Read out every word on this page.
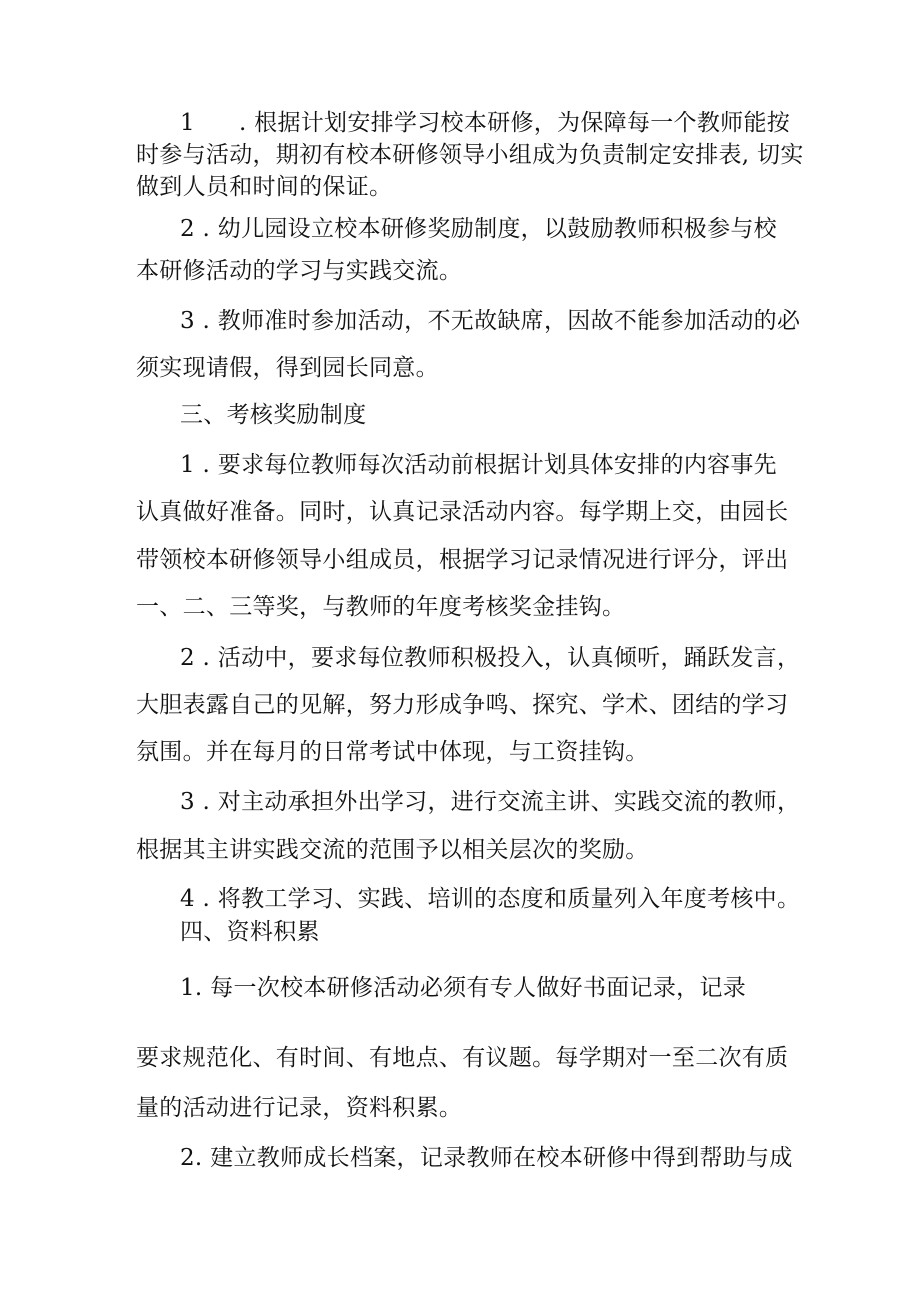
1 . 根据计划安排学习校本研修，为保障每一个教师能按
时参与活动，期初有校本研修领导小组成为负责制定安排表, 切实
做到人员和时间的保证。
2 . 幼儿园设立校本研修奖励制度，以鼓励教师积极参与校
本研修活动的学习与实践交流。
3 . 教师准时参加活动，不无故缺席，因故不能参加活动的必
须实现请假，得到园长同意。
三、考核奖励制度
1 . 要求每位教师每次活动前根据计划具体安排的内容事先
认真做好准备。同时，认真记录活动内容。每学期上交，由园长
带领校本研修领导小组成员，根据学习记录情况进行评分，评出
一、二、三等奖，与教师的年度考核奖金挂钩。
2 . 活动中，要求每位教师积极投入，认真倾听，踊跃发言，
大胆表露自己的见解，努力形成争鸣、探究、学术、团结的学习
氛围。并在每月的日常考试中体现，与工资挂钩。
3 . 对主动承担外出学习，进行交流主讲、实践交流的教师，
根据其主讲实践交流的范围予以相关层次的奖励。
4 . 将教工学习、实践、培训的态度和质量列入年度考核中。
四、资料积累
1. 每一次校本研修活动必须有专人做好书面记录，记录
要求规范化、有时间、有地点、有议题。每学期对一至二次有质
量的活动进行记录，资料积累。
2. 建立教师成长档案，记录教师在校本研修中得到帮助与成
